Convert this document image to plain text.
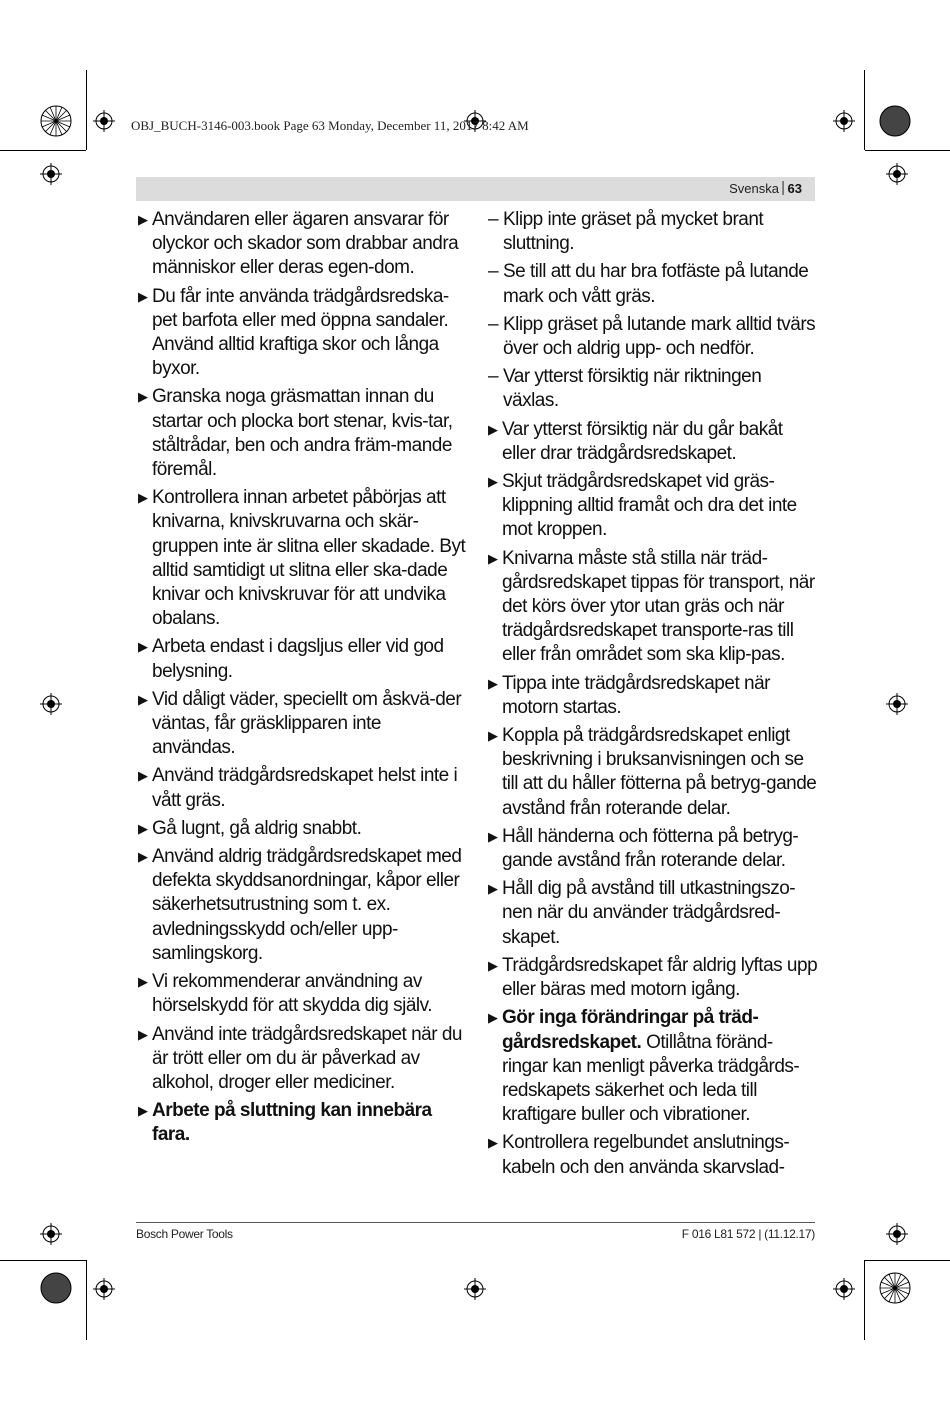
OBJ_BUCH-3146-003.book Page 63 Monday, December 11, 2017 8:42 AM
Svenska | 63
▶ Användaren eller ägaren ansvarar för olyckor och skador som drabbar andra människor eller deras egen-dom.
▶ Du får inte använda trädgårdsredska-pet barfota eller med öppna sandaler. Använd alltid kraftiga skor och långa byxor.
▶ Granska noga gräsmattan innan du startar och plocka bort stenar, kvis-tar, ståltrådar, ben och andra främ-mande föremål.
▶ Kontrollera innan arbetet påbörjas att knivarna, knivskruvarna och skär-gruppen inte är slitna eller skadade. Byt alltid samtidigt ut slitna eller ska-dade knivar och knivskruvar för att undvika obalans.
▶ Arbeta endast i dagsljus eller vid god belysning.
▶ Vid dåligt väder, speciellt om åskvä-der väntas, får gräsklipparen inte användas.
▶ Använd trädgårdsredskapet helst inte i vått gräs.
▶ Gå lugnt, gå aldrig snabbt.
▶ Använd aldrig trädgårdsredskapet med defekta skyddsanordningar, kåpor eller säkerhetsutrustning som t. ex. avledningsskydd och/eller upp-samlingskorg.
▶ Vi rekommenderar användning av hörselskydd för att skydda dig själv.
▶ Använd inte trädgårdsredskapet när du är trött eller om du är påverkad av alkohol, droger eller mediciner.
▶ Arbete på sluttning kan innebära fara.
– Klipp inte gräset på mycket brant sluttning.
– Se till att du har bra fotfäste på lutande mark och vått gräs.
– Klipp gräset på lutande mark alltid tvärs över och aldrig upp- och nedför.
– Var ytterst försiktig när riktningen växlas.
▶ Var ytterst försiktig när du går bakåt eller drar trädgårdsredskapet.
▶ Skjut trädgårdsredskapet vid gräs-klippning alltid framåt och dra det inte mot kroppen.
▶ Knivarna måste stå stilla när träd-gårdsredskapet tippas för transport, när det körs över ytor utan gräs och när trädgårdsredskapet transporte-ras till eller från området som ska klip-pas.
▶ Tippa inte trädgårdsredskapet när motorn startas.
▶ Koppla på trädgårdsredskapet enligt beskrivning i bruksanvisningen och se till att du håller fötterna på betryg-gande avstånd från roterande delar.
▶ Håll händerna och fötterna på betryg-gande avstånd från roterande delar.
▶ Håll dig på avstånd till utkastningszo-nen när du använder trädgårdsred-skapet.
▶ Trädgårdsredskapet får aldrig lyftas upp eller bäras med motorn igång.
▶ Gör inga förändringar på träd-gårdsredskapet. Otillåtna föränd-ringar kan menligt påverka trädgårds-redskapets säkerhet och leda till kraftigare buller och vibrationer.
▶ Kontrollera regelbundet anslutnings-kabeln och den använda skarvslad-
Bosch Power Tools	F 016 L81 572 | (11.12.17)
